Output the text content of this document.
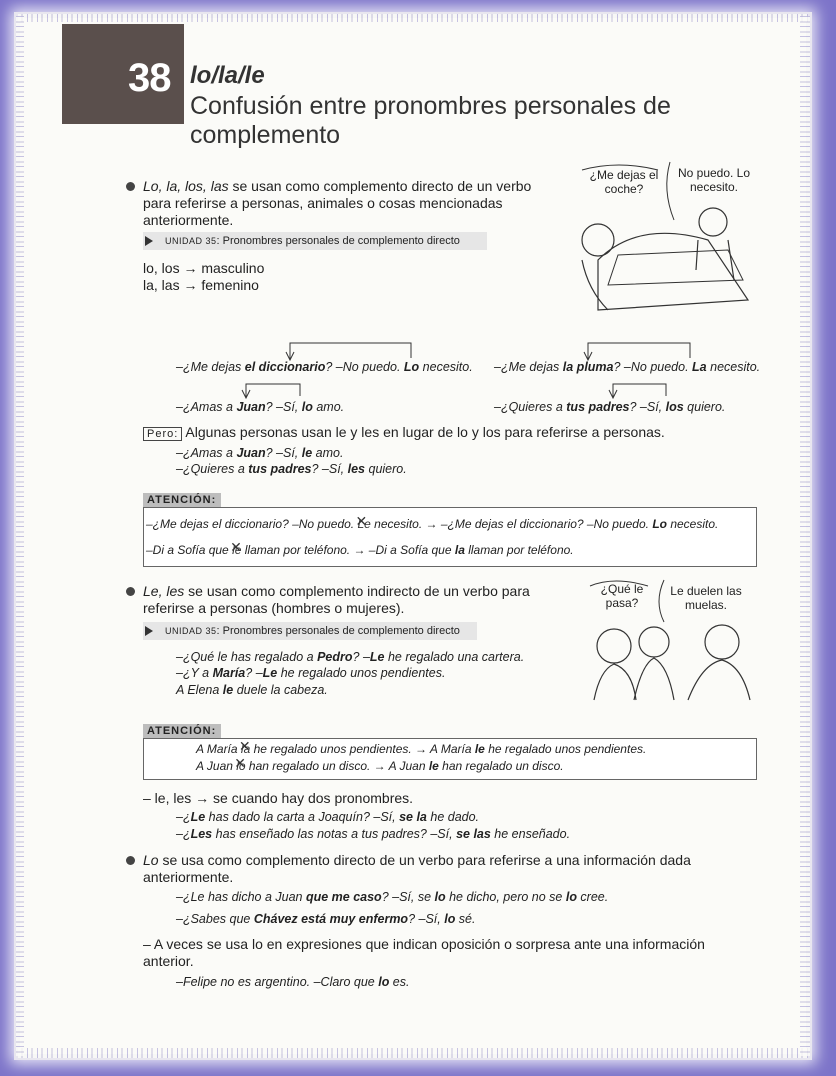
38 lo/la/le
Confusión entre pronombres personales de complemento
Lo, la, los, las se usan como complemento directo de un verbo para referirse a personas, animales o cosas mencionadas anteriormente.
UNIDAD 35: Pronombres personales de complemento directo
lo, los → masculino
la, las → femenino
¿Me dejas el coche?
No puedo. Lo necesito.
–¿Me dejas el diccionario? –No puedo. Lo necesito. –¿Me dejas la pluma? –No puedo. La necesito.
–¿Amas a Juan? –Sí, lo amo.	–¿Quieres a tus padres? –Sí, los quiero.
Pero: Algunas personas usan le y les en lugar de lo y los para referirse a personas.
–¿Amas a Juan? –Sí, le amo.
–¿Quieres a tus padres? –Sí, les quiero.
ATENCIÓN:
–¿Me dejas el diccionario? –No puedo. Le ✕ necesito. → –¿Me dejas el diccionario? –No puedo. Lo necesito.
–Di a Sofía que le ✕ llaman por teléfono. → –Di a Sofía que la llaman por teléfono.
Le, les se usan como complemento indirecto de un verbo para referirse a personas (hombres o mujeres).
UNIDAD 35: Pronombres personales de complemento directo
–¿Qué le has regalado a Pedro? –Le he regalado una cartera.
–¿Y a María? –Le he regalado unos pendientes.
A Elena le duele la cabeza.
¿Qué le pasa?
Le duelen las muelas.
ATENCIÓN:
A María la ✕ he regalado unos pendientes. → A María le he regalado unos pendientes.
A Juan lo ✕ han regalado un disco. → A Juan le han regalado un disco.
– le, les → se cuando hay dos pronombres.
–¿Le has dado la carta a Joaquín? –Sí, se la he dado.
–¿Les has enseñado las notas a tus padres? –Sí, se las he enseñado.
Lo se usa como complemento directo de un verbo para referirse a una información dada anteriormente.
–¿Le has dicho a Juan que me caso? –Sí, se lo he dicho, pero no se lo cree.
–¿Sabes que Chávez está muy enfermo? –Sí, lo sé.
– A veces se usa lo en expresiones que indican oposición o sorpresa ante una información anterior.
–Felipe no es argentino. –Claro que lo es.
